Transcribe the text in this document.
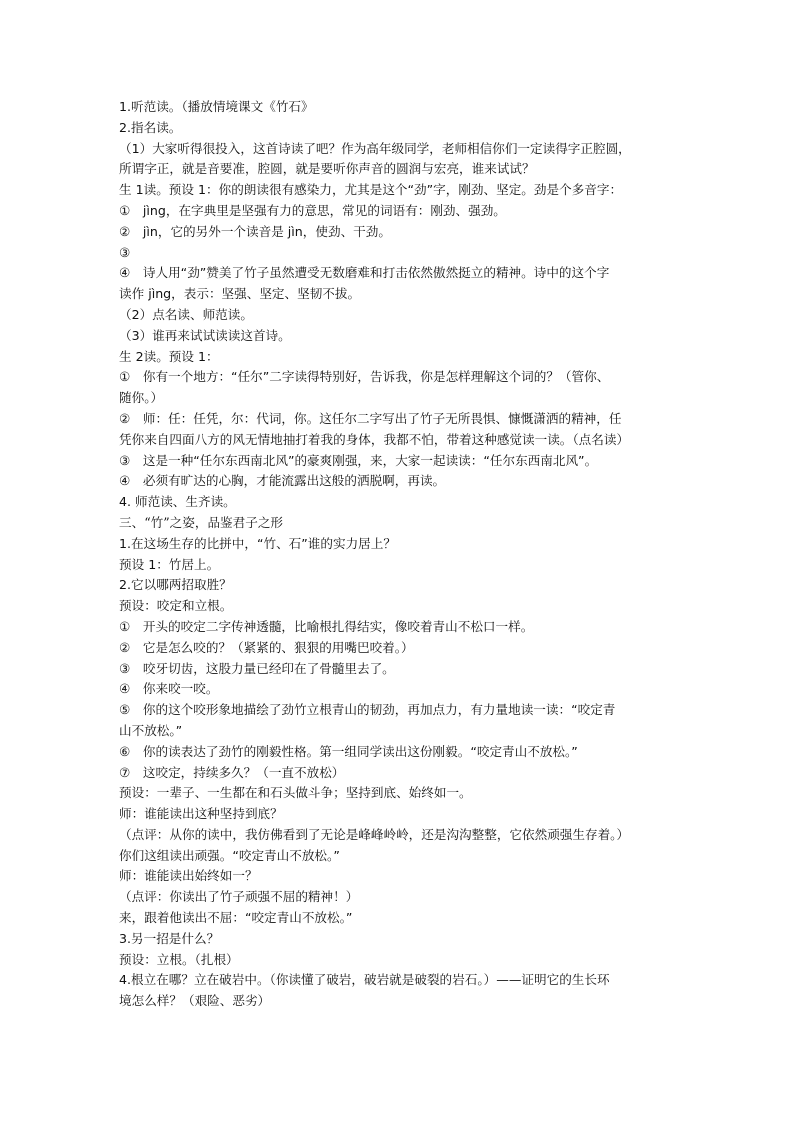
1.听范读。（播放情境课文《竹石》
2.指名读。
（1）大家听得很投入，这首诗读了吧？作为高年级同学，老师相信你们一定读得字正腔圆，
所谓字正，就是音要准，腔圆，就是要听你声音的圆润与宏亮，谁来试试？
生 1读。预设 1：你的朗读很有感染力，尤其是这个“劲”字，刚劲、坚定。劲是个多音字：
①　jìng，在字典里是坚强有力的意思，常见的词语有：刚劲、强劲。
②　jìn，它的另外一个读音是 jìn，使劲、干劲。
③
④　诗人用“劲”赞美了竹子虽然遭受无数磨难和打击依然傲然挺立的精神。诗中的这个字
读作 jìng，表示：坚强、坚定、坚韧不拔。
（2）点名读、师范读。
（3）谁再来试试读读这首诗。
生 2读。预设 1：
①　你有一个地方：“任尔”二字读得特别好，告诉我，你是怎样理解这个词的？（管你、
随你。）
②　师：任：任凭，尔：代词，你。这任尔二字写出了竹子无所畏惧、慷慨潇洒的精神，任
凭你来自四面八方的风无情地抽打着我的身体，我都不怕，带着这种感觉读一读。（点名读）
③　这是一种“任尔东西南北风”的豪爽刚强，来，大家一起读读：“任尔东西南北风”。
④　必须有旷达的心胸，才能流露出这般的洒脱啊，再读。
4. 师范读、生齐读。
三、“竹”之姿，品鉴君子之形
1.在这场生存的比拼中，“竹、石”谁的实力居上？
预设 1：竹居上。
2.它以哪两招取胜？
预设：咬定和立根。
①　开头的咬定二字传神透髓，比喻根扎得结实，像咬着青山不松口一样。
②　它是怎么咬的？（紧紧的、狠狠的用嘴巴咬着。）
③　咬牙切齿，这股力量已经印在了骨髓里去了。
④　你来咬一咬。
⑤　你的这个咬形象地描绘了劲竹立根青山的韧劲，再加点力，有力量地读一读：“咬定青
山不放松。”
⑥　你的读表达了劲竹的刚毅性格。第一组同学读出这份刚毅。“咬定青山不放松。”
⑦　这咬定，持续多久？（一直不放松）
预设：一辈子、一生都在和石头做斗争；坚持到底、始终如一。
师：谁能读出这种坚持到底？
（点评：从你的读中，我仿佛看到了无论是峰峰岭岭，还是沟沟整整，它依然顽强生存着。）
你们这组读出顽强。“咬定青山不放松。”
师：谁能读出始终如一？
（点评：你读出了竹子顽强不屈的精神！）
来，跟着他读出不屈：“咬定青山不放松。”
3.另一招是什么？
预设：立根。（扎根）
4.根立在哪？立在破岩中。（你读懂了破岩，破岩就是破裂的岩石。）——证明它的生长环
境怎么样？（艰险、恶劣）
